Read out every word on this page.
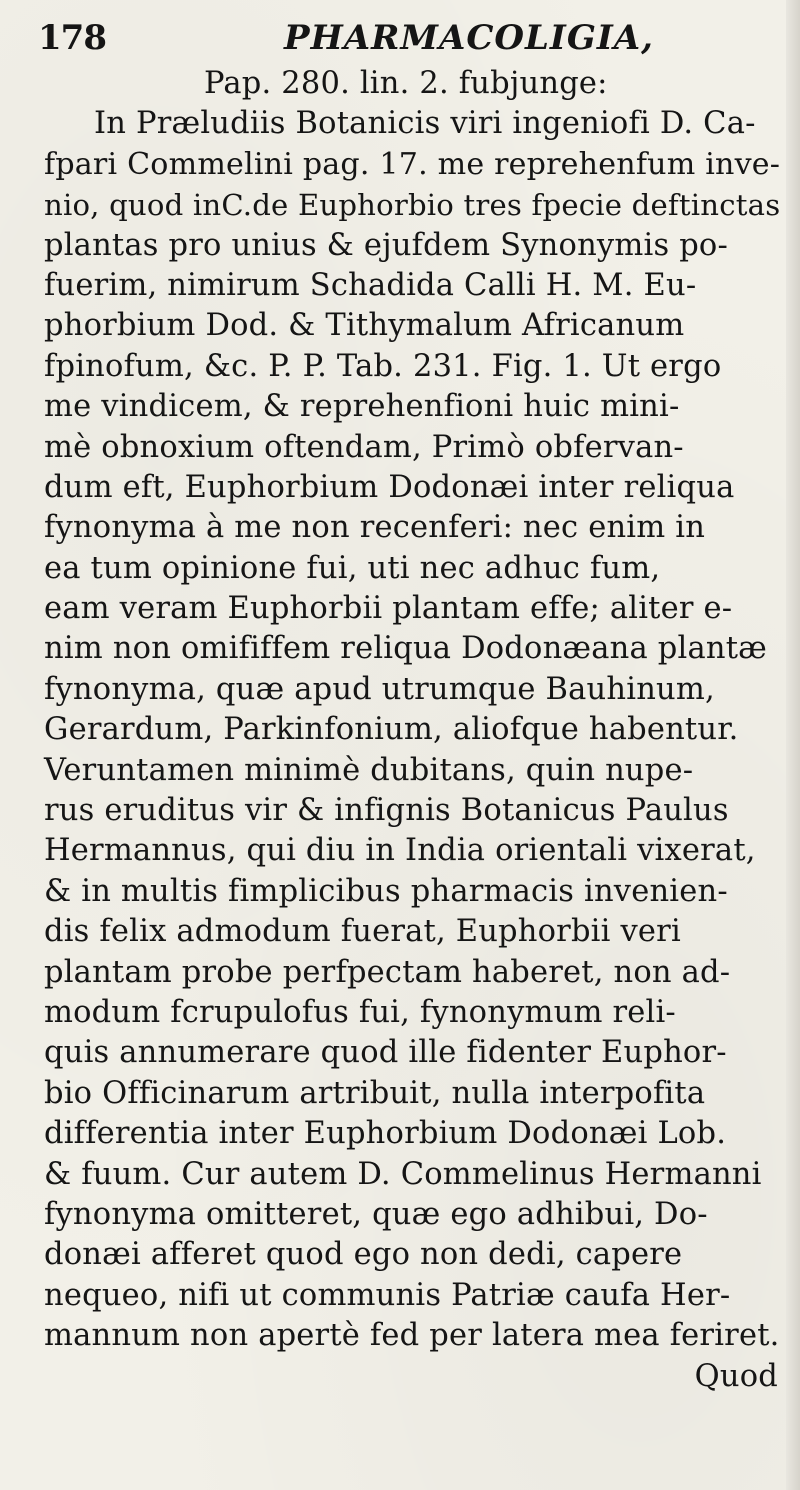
178	PHARMACOLIGIA,
Pap. 280. lin. 2. fubjunge:
In Præludiis Botanicis viri ingeniofi D. Ca-
fpari Commelini pag. 17. me reprehenfum inve-
nio, quod inC.de Euphorbio tres fpecie deftinctas
plantas pro unius & ejufdem Synonymis po-
fuerim, nimirum Schadida Calli H. M. Eu-
phorbium Dod. & Tithymalum Africanum
fpinofum, &c. P. P. Tab. 231. Fig. 1. Ut ergo
me vindicem, & reprehenfioni huic mini-
mè obnoxium oftendam, Primò obfervan-
dum eft, Euphorbium Dodonæi inter reliqua
fynonyma à me non recenferi: nec enim in
ea tum opinione fui, uti nec adhuc fum,
eam veram Euphorbii plantam effe; aliter e-
nim non omififfem reliqua Dodonæana plantæ
fynonyma, quæ apud utrumque Bauhinum,
Gerardum, Parkinfonium, aliofque habentur.
Veruntamen minimè dubitans, quin nupe-
rus eruditus vir & infignis Botanicus Paulus
Hermannus, qui diu in India orientali vixerat,
& in multis fimplicibus pharmacis invenien-
dis felix admodum fuerat, Euphorbii veri
plantam probe perfpectam haberet, non ad-
modum fcrupulofus fui, fynonymum reli-
quis annumerare quod ille fidenter Euphor-
bio Officinarum artribuit, nulla interpofita
differentia inter Euphorbium Dodonæi Lob.
& fuum. Cur autem D. Commelinus Hermanni
fynonyma omitteret, quæ ego adhibui, Do-
donæi afferet quod ego non dedi, capere
nequeo, nifi ut communis Patriæ caufa Her-
mannum non apertè fed per latera mea feriret.
Quod
